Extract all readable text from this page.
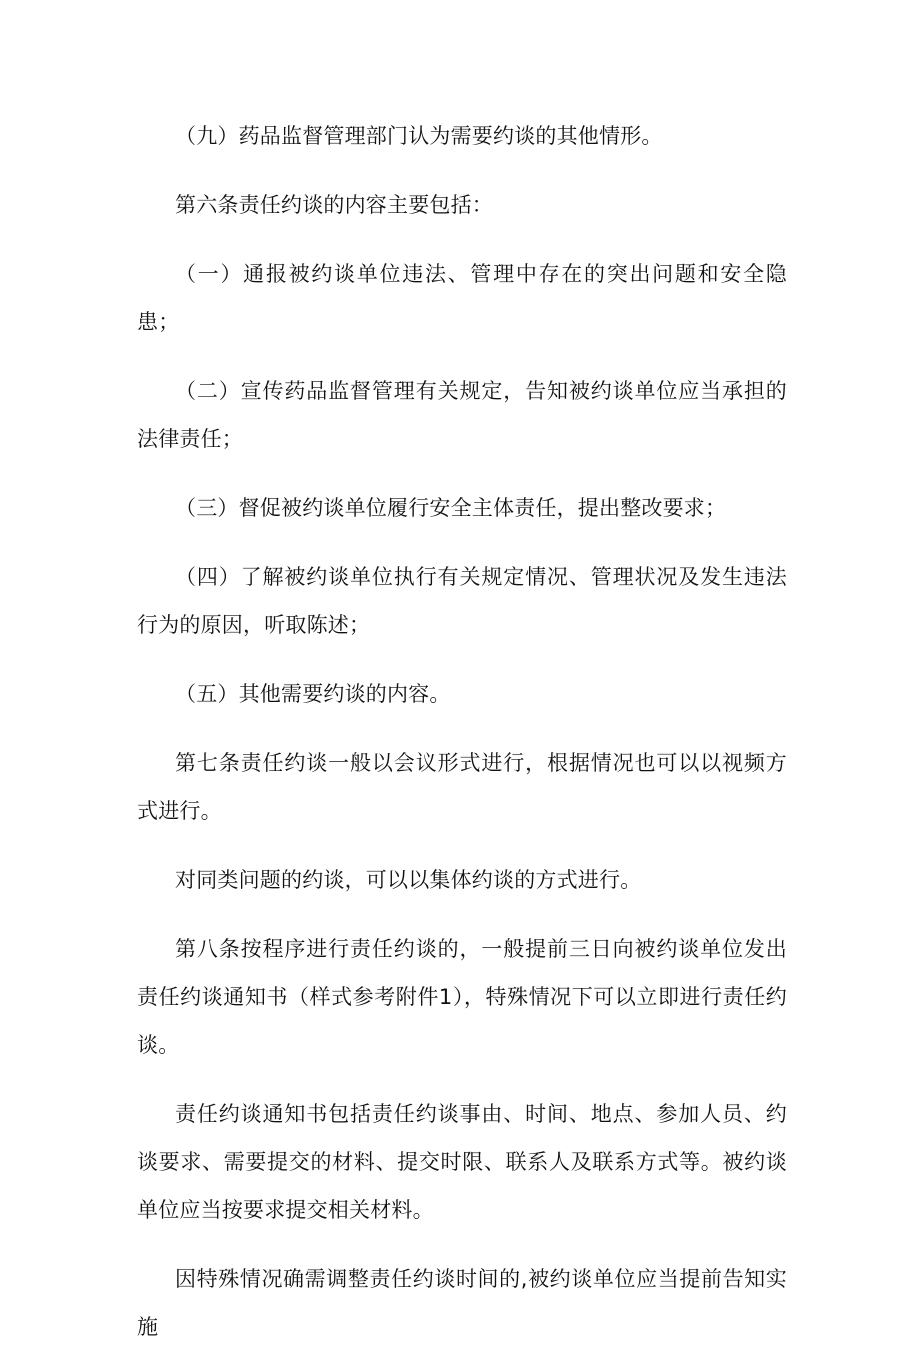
（九）药品监督管理部门认为需要约谈的其他情形。

第六条责任约谈的内容主要包括：

（一）通报被约谈单位违法、管理中存在的突出问题和安全隐患；

（二）宣传药品监督管理有关规定，告知被约谈单位应当承担的法律责任；

（三）督促被约谈单位履行安全主体责任，提出整改要求；

（四）了解被约谈单位执行有关规定情况、管理状况及发生违法行为的原因，听取陈述；

（五）其他需要约谈的内容。

第七条责任约谈一般以会议形式进行，根据情况也可以以视频方式进行。

对同类问题的约谈，可以以集体约谈的方式进行。

第八条按程序进行责任约谈的，一般提前三日向被约谈单位发出责任约谈通知书（样式参考附件1），特殊情况下可以立即进行责任约谈。

责任约谈通知书包括责任约谈事由、时间、地点、参加人员、约谈要求、需要提交的材料、提交时限、联系人及联系方式等。被约谈单位应当按要求提交相关材料。

因特殊情况确需调整责任约谈时间的,被约谈单位应当提前告知实施
